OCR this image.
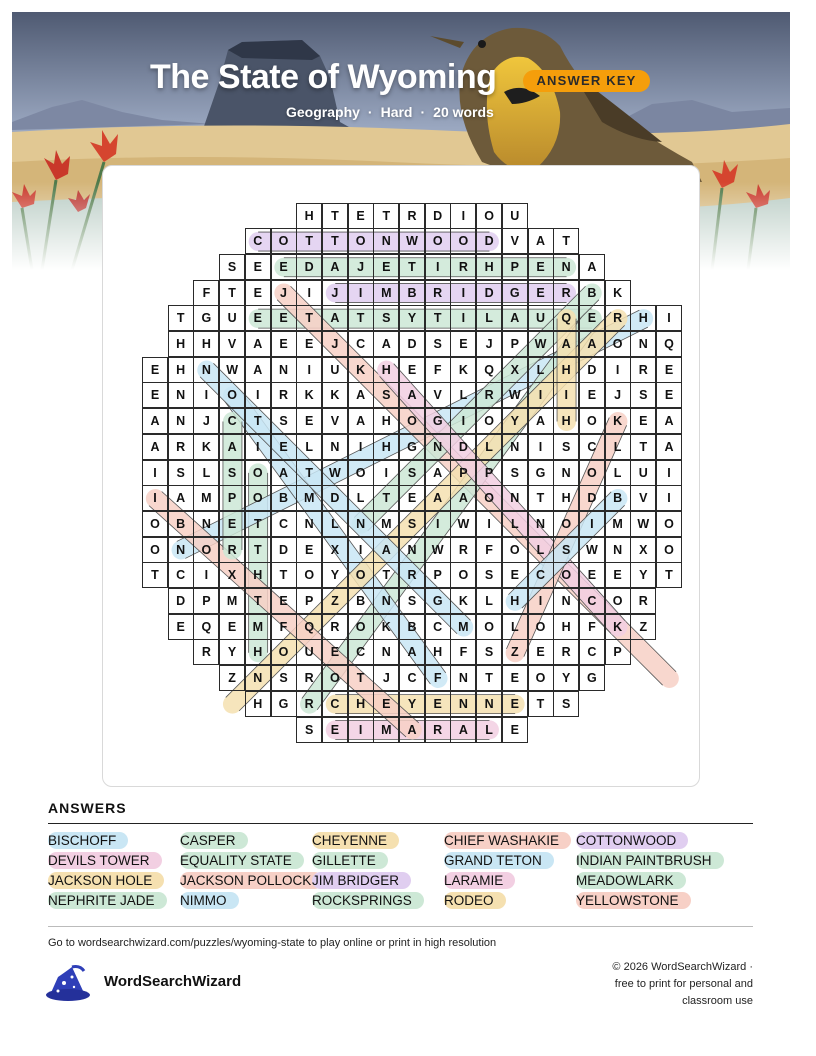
The State of Wyoming	ANSWER KEY
Geography · Hard · 20 words
H	T	E	T	R	D	I	O	U
C	O	T	T	O	N	W	O	O	D	V	A	T
S	E	E	D	A	J	E	T	I	R	H	P	E	N	A
F	T	E	J	I	J	I	M	B	R	I	D	G	E	R	B	K
T	G	U	E	E	T	A	T	S	Y	T	I	L	A	U	Q	E	R	H	I
H	H	V	A	E	E	J	C	A	D	S	E	J	P	W	A	A	O	N	Q
E	H	N	W	A	N	I	U	K	H	E	F	K	Q	X	L	H	D	I	R	E
E	N	I	O	I	R	K	K	A	S	A	V	L	R	W	I	I	E	J	S	E
A	N	J	C	T	S	E	V	A	H	O	G	I	O	Y	A	H	O	K	E	A
A	R	K	A	I	E	L	N	I	H	G	N	D	L	N	I	S	C	L	T	A
I	S	L	S	O	A	T	W	O	I	S	A	P	P	S	G	N	O	L	U	I
I	A	M	P	O	B	M	D	L	T	E	A	A	O	N	T	H	D	B	V	I
O	B	N	E	T	C	N	L	N	M	S	I	W	I	L	N	O	I	M	W	O
O	N	O	R	T	D	E	X	I	A	N	W	R	F	O	L	S	W	N	X	O
T	C	I	X	H	T	O	Y	O	T	R	P	O	S	E	C	O	E	E	Y	T
D	P	M	T	E	P	Z	B	N	S	G	K	L	H	I	N	C	O	R
E	Q	E	M	F	Q	R	O	K	B	C	M	O	L	O	H	F	K	Z
R	Y	H	O	U	E	C	N	A	H	F	S	Z	E	R	C	P
Z	N	S	R	O	T	J	C	F	N	T	E	O	Y	G
H	G	R	C	H	E	Y	E	N	N	E	T	S
S	E	I	M	A	R	A	L	E
ANSWERS
BISCHOFF
DEVILS TOWER
JACKSON HOLE
NEPHRITE JADE
CASPER
EQUALITY STATE
JACKSON POLLOCK
NIMMO
CHEYENNE
GILLETTE
JIM BRIDGER
ROCKSPRINGS
CHIEF WASHAKIE
GRAND TETON
LARAMIE
RODEO
COTTONWOOD
INDIAN PAINTBRUSH
MEADOWLARK
YELLOWSTONE
Go to wordsearchwizard.com/puzzles/wyoming-state to play online or print in high resolution
WordSearchWizard
© 2026 WordSearchWizard ·
free to print for personal and
classroom use
